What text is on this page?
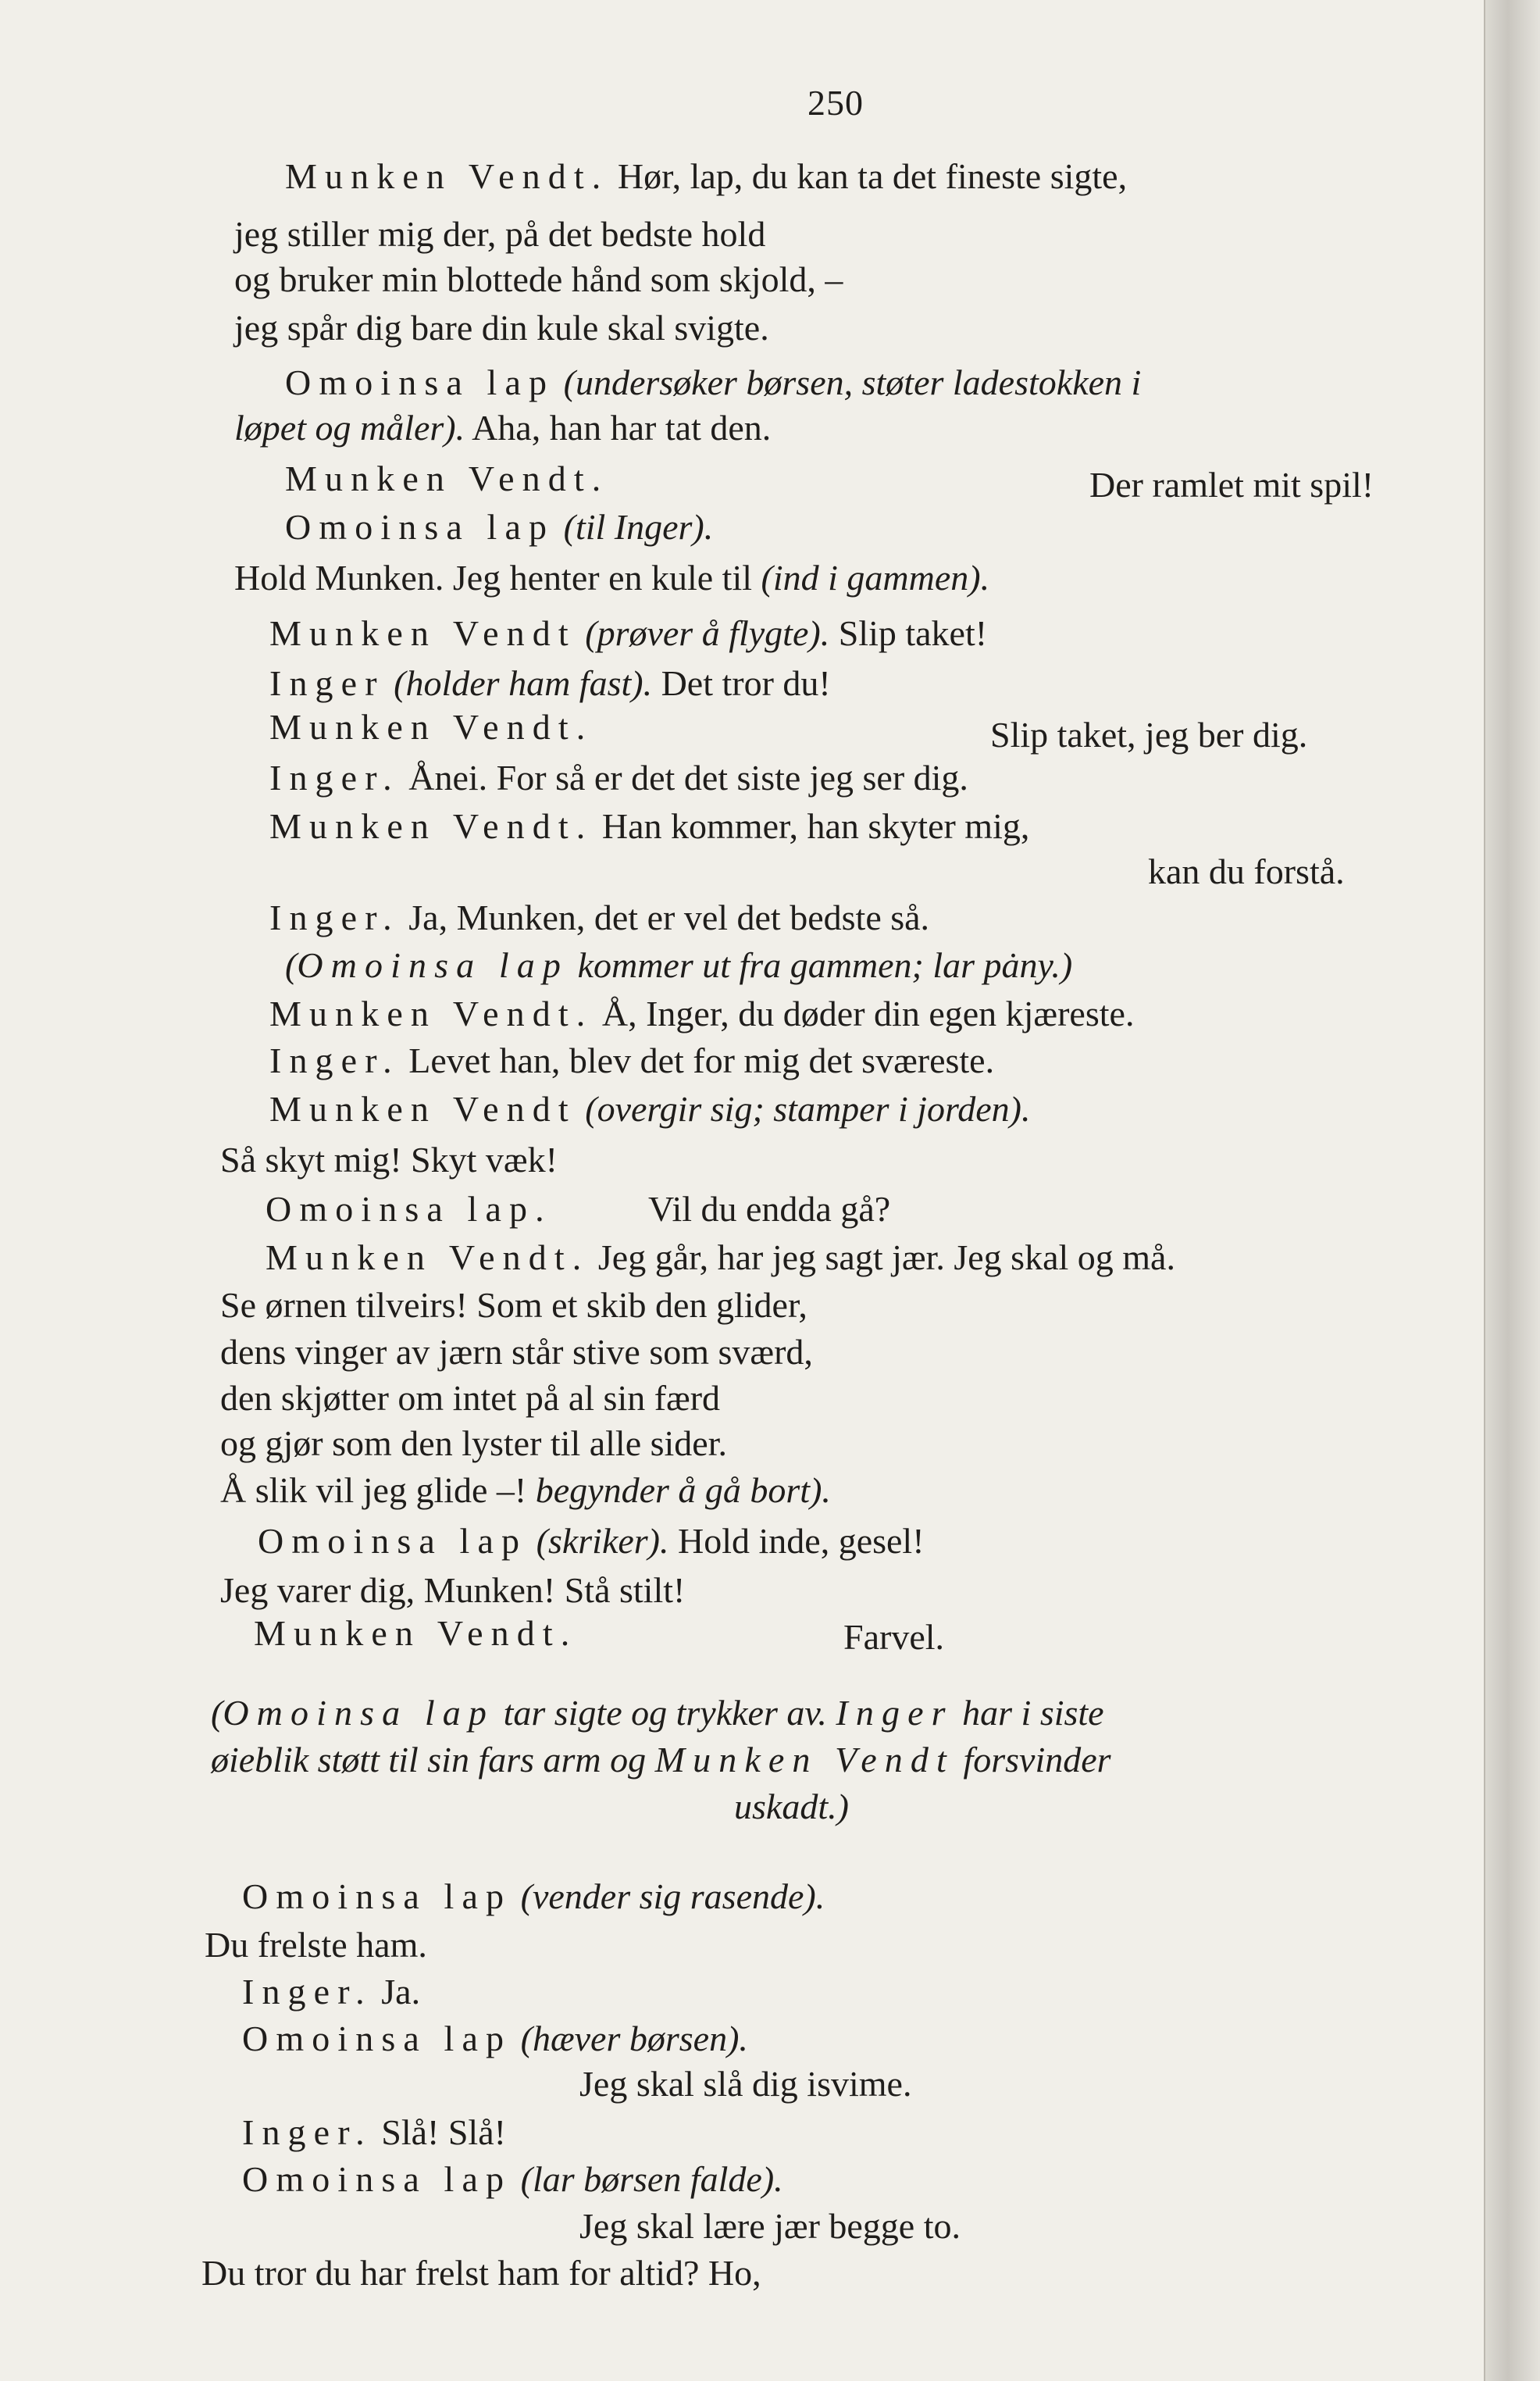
250
Munken Vendt. Hør, lap, du kan ta det fineste sigte,
jeg stiller mig der, på det bedste hold
og bruker min blottede hånd som skjold, –
jeg spår dig bare din kule skal svigte.
Omoinsa lap (undersøker børsen, støter ladestokken i
løpet og måler). Aha, han har tat den.
Munken Vendt.	Der ramlet mit spil!
Omoinsa lap (til Inger).
Hold Munken. Jeg henter en kule til (ind i gammen).
Munken Vendt (prøver å flygte). Slip taket!
Inger (holder ham fast). Det tror du!
Munken Vendt.	Slip taket, jeg ber dig.
Inger. Ånei. For så er det det siste jeg ser dig.
Munken Vendt. Han kommer, han skyter mig,
kan du forstå.
Inger. Ja, Munken, det er vel det bedste så.
(Omoinsa lap kommer ut fra gammen; lar pȧny.)
Munken Vendt. Å, Inger, du døder din egen kjæreste.
Inger. Levet han, blev det for mig det sværeste.
Munken Vendt (overgir sig; stamper i jorden).
Så skyt mig! Skyt væk!
Omoinsa lap.	Vil du endda gå?
Munken Vendt. Jeg går, har jeg sagt jær. Jeg skal og må.
Se ørnen tilveirs! Som et skib den glider,
dens vinger av jærn står stive som sværd,
den skjøtter om intet på al sin færd
og gjør som den lyster til alle sider.
Å slik vil jeg glide –! begynder å gå bort).
Omoinsa lap (skriker). Hold inde, gesel!
Jeg varer dig, Munken! Stå stilt!
Munken Vendt.	Farvel.
(Omoinsa lap tar sigte og trykker av. Inger har i siste
øieblik støtt til sin fars arm og Munken Vendt forsvinder
uskadt.)
Omoinsa lap (vender sig rasende).
Du frelste ham.
Inger. Ja.
Omoinsa lap (hæver børsen).
Jeg skal slå dig isvime.
Inger. Slå! Slå!
Omoinsa lap (lar børsen falde).
Jeg skal lære jær begge to.
Du tror du har frelst ham for altid? Ho,
